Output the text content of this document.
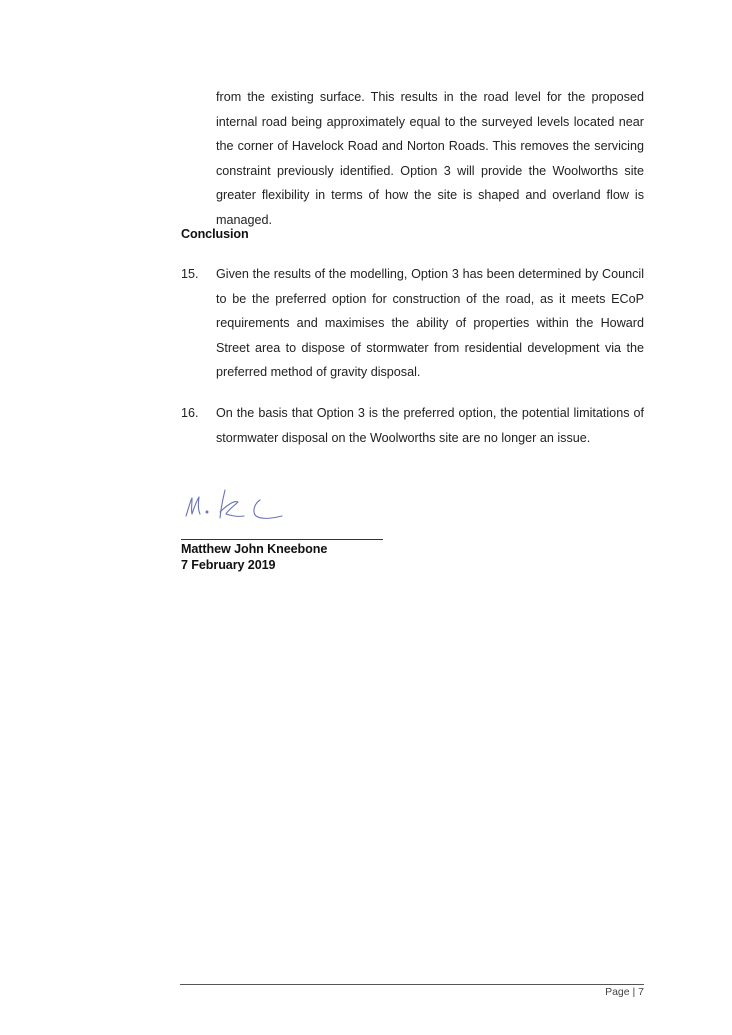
from the existing surface. This results in the road level for the proposed internal road being approximately equal to the surveyed levels located near the corner of Havelock Road and Norton Roads. This removes the servicing constraint previously identified. Option 3 will provide the Woolworths site greater flexibility in terms of how the site is shaped and overland flow is managed.
Conclusion
15. Given the results of the modelling, Option 3 has been determined by Council to be the preferred option for construction of the road, as it meets ECoP requirements and maximises the ability of properties within the Howard Street area to dispose of stormwater from residential development via the preferred method of gravity disposal.
16. On the basis that Option 3 is the preferred option, the potential limitations of stormwater disposal on the Woolworths site are no longer an issue.
Matthew John Kneebone
7 February 2019
Page | 7
